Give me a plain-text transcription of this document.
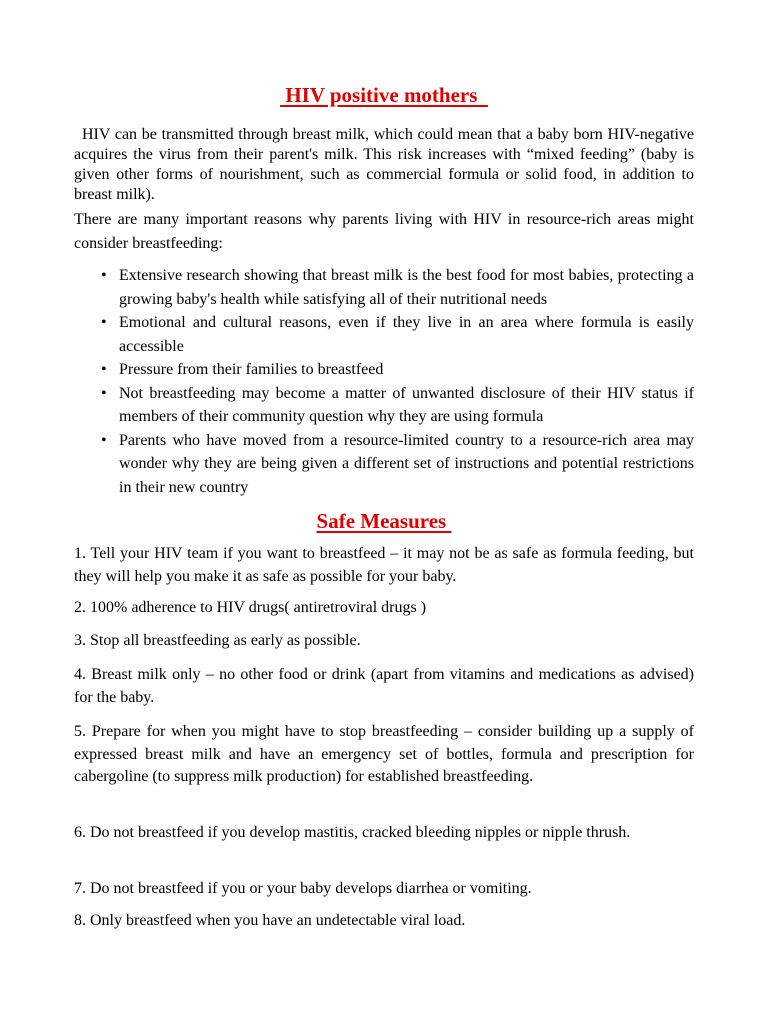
HIV positive mothers

HIV can be transmitted through breast milk, which could mean that a baby born HIV-negative acquires the virus from their parent's milk. This risk increases with “mixed feeding” (baby is given other forms of nourishment, such as commercial formula or solid food, in addition to breast milk).

There are many important reasons why parents living with HIV in resource-rich areas might consider breastfeeding:

• Extensive research showing that breast milk is the best food for most babies, protecting a growing baby's health while satisfying all of their nutritional needs
• Emotional and cultural reasons, even if they live in an area where formula is easily accessible
• Pressure from their families to breastfeed
• Not breastfeeding may become a matter of unwanted disclosure of their HIV status if members of their community question why they are using formula
• Parents who have moved from a resource-limited country to a resource-rich area may wonder why they are being given a different set of instructions and potential restrictions in their new country
Safe Measures

1. Tell your HIV team if you want to breastfeed – it may not be as safe as formula feeding, but they will help you make it as safe as possible for your baby.

2. 100% adherence to HIV drugs( antiretroviral drugs )

3. Stop all breastfeeding as early as possible.

4. Breast milk only – no other food or drink (apart from vitamins and medications as advised) for the baby.

5. Prepare for when you might have to stop breastfeeding – consider building up a supply of expressed breast milk and have an emergency set of bottles, formula and prescription for cabergoline (to suppress milk production) for established breastfeeding.

6. Do not breastfeed if you develop mastitis, cracked bleeding nipples or nipple thrush.

7. Do not breastfeed if you or your baby develops diarrhea or vomiting.

8. Only breastfeed when you have an undetectable viral load.
